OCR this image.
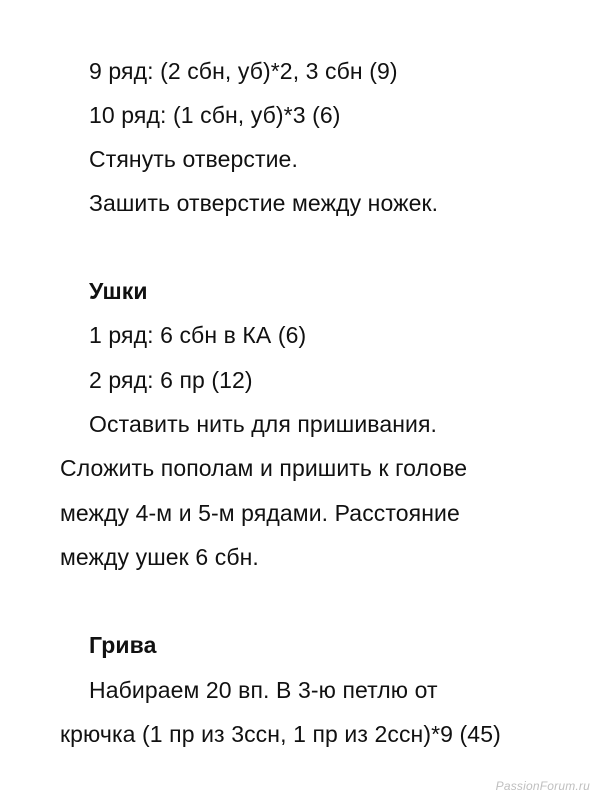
9 ряд: (2 сбн, уб)*2, 3 сбн (9)
10 ряд: (1 сбн, уб)*3 (6)
Стянуть отверстие.
Зашить отверстие между ножек.
Ушки
1 ряд: 6 сбн в КА (6)
2 ряд: 6 пр (12)
Оставить нить для пришивания.
Сложить пополам и пришить к голове
между 4-м и 5-м рядами. Расстояние
между ушек 6 сбн.
Грива
Набираем 20 вп. В 3-ю петлю от
крючка (1 пр из 3ссн, 1 пр из 2ссн)*9 (45)
PassionForum.ru
